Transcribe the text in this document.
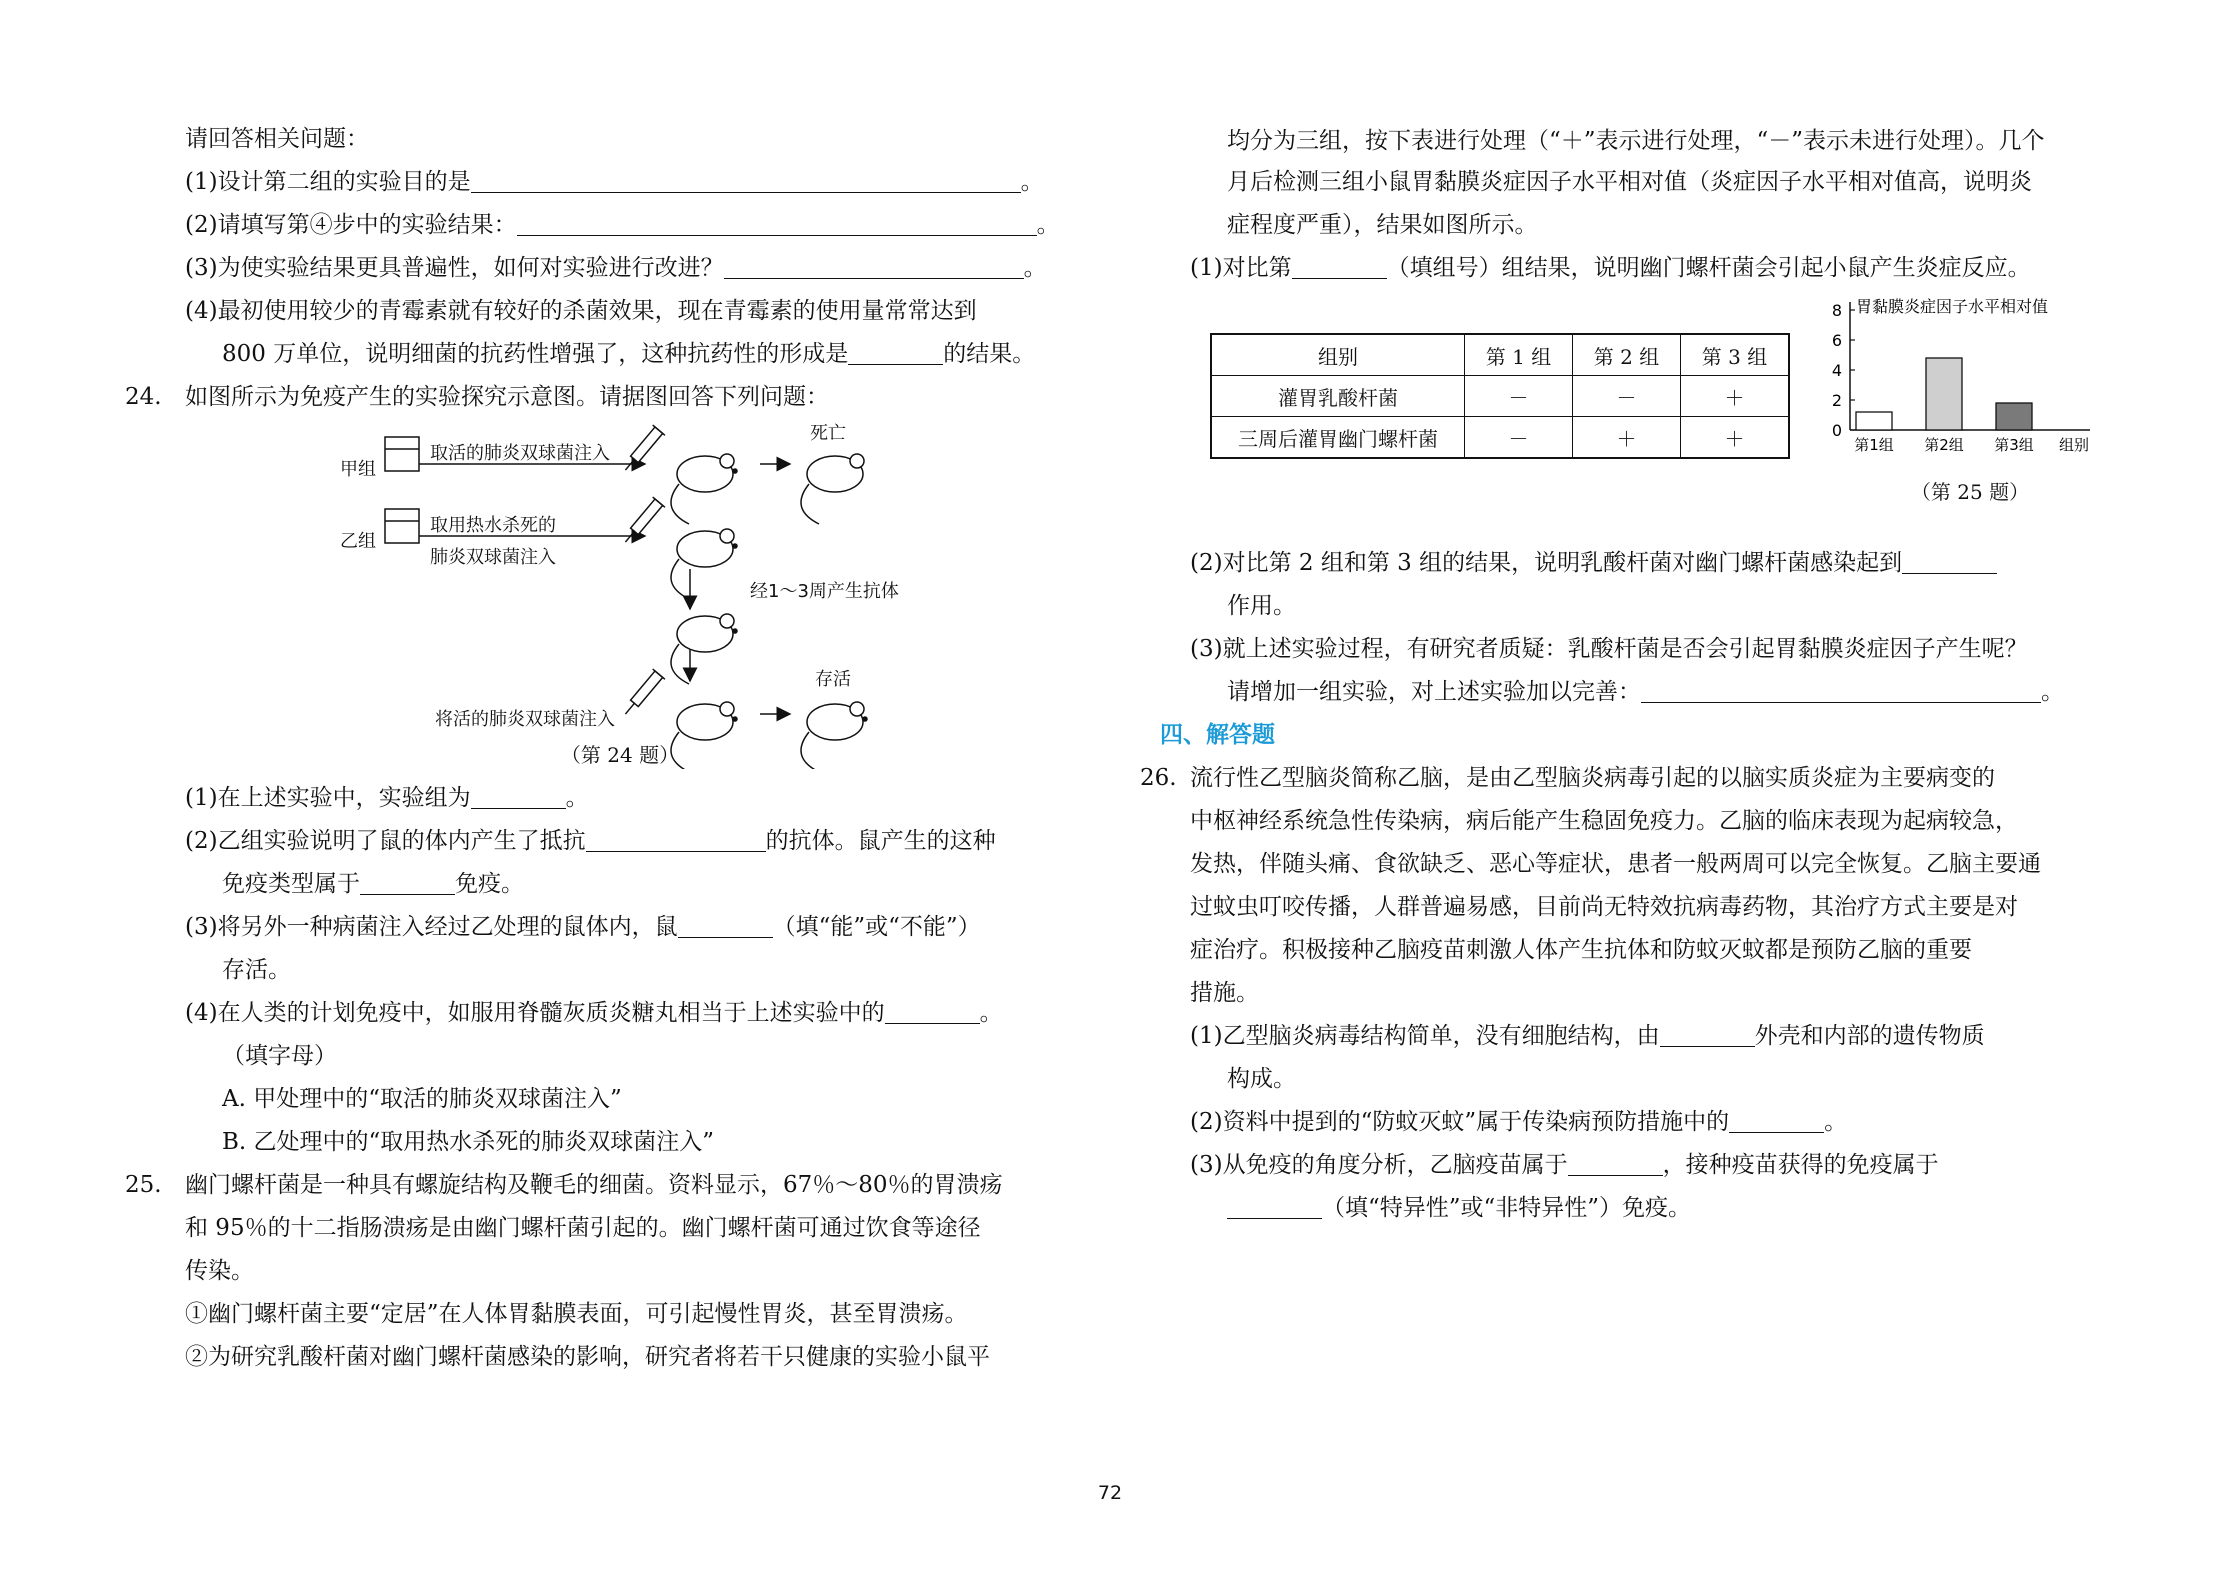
请回答相关问题：

(1)设计第二组的实验目的是	。

(2)请填写第④步中的实验结果：	。

(3)为使实验结果更具普遍性，如何对实验进行改进？	。

(4)最初使用较少的青霉素就有较好的杀菌效果，现在青霉素的使用量常常达到

800 万单位，说明细菌的抗药性增强了，这种抗药性的形成是	的结果。

24. 如图所示为免疫产生的实验探究示意图。请据图回答下列问题：

甲组
乙组
取活的肺炎双球菌注入
取用热水杀死的
肺炎双球菌注入
死亡
经1～3周产生抗体
存活
将活的肺炎双球菌注入
（第 24 题）

(1)在上述实验中，实验组为	。

(2)乙组实验说明了鼠的体内产生了抵抗	的抗体。鼠产生的这种

免疫类型属于	免疫。

(3)将另外一种病菌注入经过乙处理的鼠体内，鼠	（填“能”或“不能”）

存活。

(4)在人类的计划免疫中，如服用脊髓灰质炎糖丸相当于上述实验中的	。

（填字母）

A. 甲处理中的“取活的肺炎双球菌注入”

B. 乙处理中的“取用热水杀死的肺炎双球菌注入”

25. 幽门螺杆菌是一种具有螺旋结构及鞭毛的细菌。资料显示，67％～80％的胃溃疡

和 95％的十二指肠溃疡是由幽门螺杆菌引起的。幽门螺杆菌可通过饮食等途径

传染。

①幽门螺杆菌主要“定居”在人体胃黏膜表面，可引起慢性胃炎，甚至胃溃疡。

②为研究乳酸杆菌对幽门螺杆菌感染的影响，研究者将若干只健康的实验小鼠平

均分为三组，按下表进行处理（“＋”表示进行处理，“－”表示未进行处理）。几个

月后检测三组小鼠胃黏膜炎症因子水平相对值（炎症因子水平相对值高，说明炎

症程度严重），结果如图所示。

(1)对比第	（填组号）组结果，说明幽门螺杆菌会引起小鼠产生炎症反应。

组别	第 1 组	第 2 组	第 3 组
灌胃乳酸杆菌	－	－	＋
三周后灌胃幽门螺杆菌	－	＋	＋	0
2
4
6
8 胃黏膜炎症因子水平相对值
第1组 第2组 第3组 组别
（第 25 题）

(2)对比第 2 组和第 3 组的结果，说明乳酸杆菌对幽门螺杆菌感染起到

作用。

(3)就上述实验过程，有研究者质疑：乳酸杆菌是否会引起胃黏膜炎症因子产生呢？

请增加一组实验，对上述实验加以完善：	。

四、解答题

26. 流行性乙型脑炎简称乙脑，是由乙型脑炎病毒引起的以脑实质炎症为主要病变的

中枢神经系统急性传染病，病后能产生稳固免疫力。乙脑的临床表现为起病较急，

发热，伴随头痛、食欲缺乏、恶心等症状，患者一般两周可以完全恢复。乙脑主要通

过蚊虫叮咬传播，人群普遍易感，目前尚无特效抗病毒药物，其治疗方式主要是对

症治疗。积极接种乙脑疫苗刺激人体产生抗体和防蚊灭蚊都是预防乙脑的重要

措施。

(1)乙型脑炎病毒结构简单，没有细胞结构，由	外壳和内部的遗传物质

构成。

(2)资料中提到的“防蚊灭蚊”属于传染病预防措施中的	。

(3)从免疫的角度分析，乙脑疫苗属于	，接种疫苗获得的免疫属于

（填“特异性”或“非特异性”）免疫。

72
